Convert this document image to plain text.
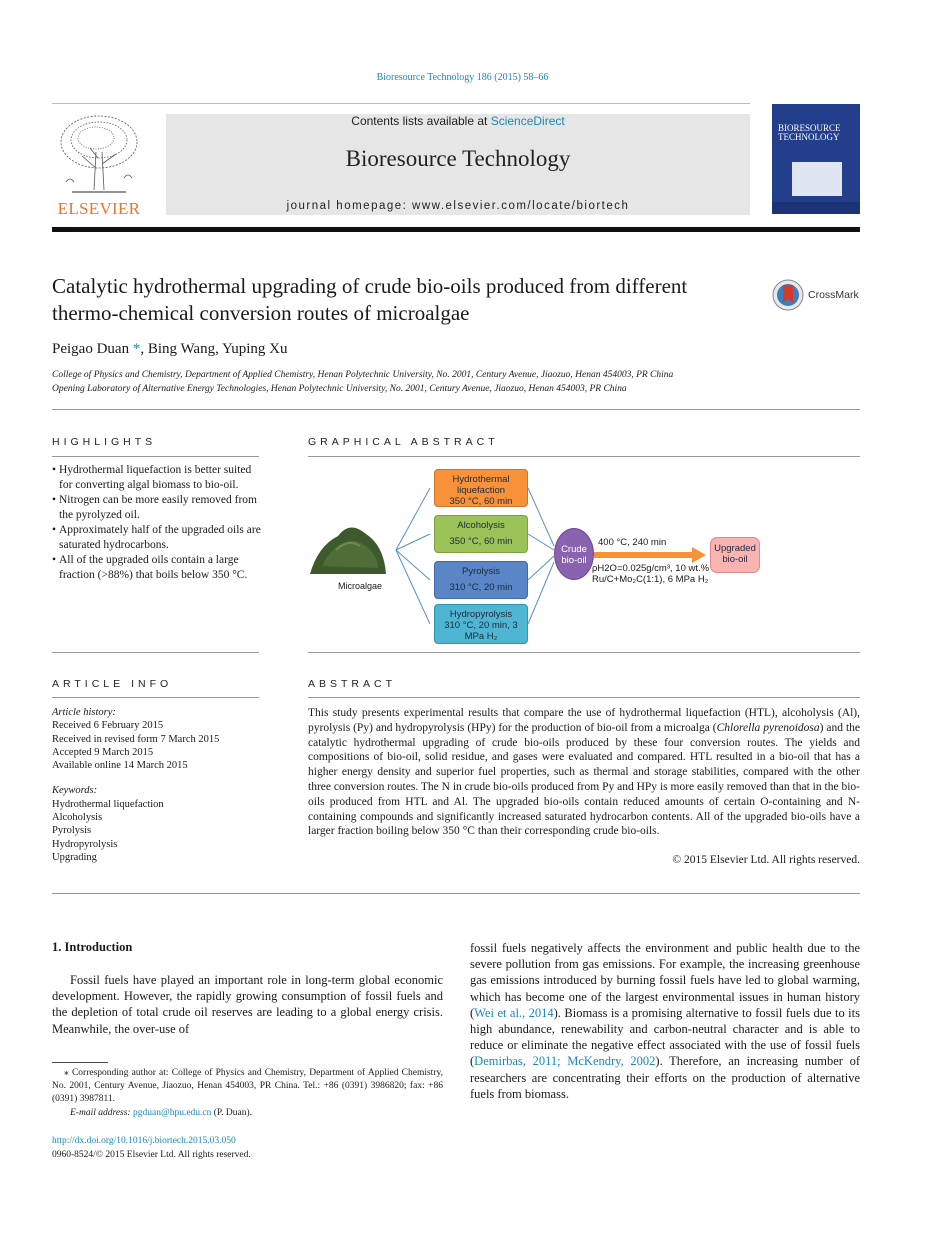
Bioresource Technology 186 (2015) 58–66
ELSEVIER
Contents lists available at ScienceDirect
Bioresource Technology
journal homepage: www.elsevier.com/locate/biortech
BIORESOURCE TECHNOLOGY
Catalytic hydrothermal upgrading of crude bio-oils produced from different thermo-chemical conversion routes of microalgae
CrossMark
Peigao Duan *, Bing Wang, Yuping Xu
College of Physics and Chemistry, Department of Applied Chemistry, Henan Polytechnic University, No. 2001, Century Avenue, Jiaozuo, Henan 454003, PR China
Opening Laboratory of Alternative Energy Technologies, Henan Polytechnic University, No. 2001, Century Avenue, Jiaozuo, Henan 454003, PR China
HIGHLIGHTS
• Hydrothermal liquefaction is better suited for converting algal biomass to bio-oil.
• Nitrogen can be more easily removed from the pyrolyzed oil.
• Approximately half of the upgraded oils are saturated hydrocarbons.
• All of the upgraded oils contain a large fraction (>88%) that boils below 350 °C.
GRAPHICAL ABSTRACT
Microalgae
Hydrothermal
liquefaction
350 °C, 60 min
Alcoholysis
350 °C, 60 min
Pyrolysis
310 °C, 20 min
Hydropyrolysis
310 °C, 20 min, 3
MPa H₂
Crude
bio-oil
400 °C, 240 min
ρH2O=0.025g/cm³, 10 wt.%
Ru/C+Mo₂C(1:1), 6 MPa H₂
Upgraded
bio-oil
ARTICLE INFO
Article history:
Received 6 February 2015
Received in revised form 7 March 2015
Accepted 9 March 2015
Available online 14 March 2015
Keywords:
Hydrothermal liquefaction
Alcoholysis
Pyrolysis
Hydropyrolysis
Upgrading
ABSTRACT
This study presents experimental results that compare the use of hydrothermal liquefaction (HTL), alcoholysis (Al), pyrolysis (Py) and hydropyrolysis (HPy) for the production of bio-oil from a microalga (Chlorella pyrenoidosa) and the catalytic hydrothermal upgrading of crude bio-oils produced by these four conversion routes. The yields and compositions of bio-oil, solid residue, and gases were evaluated and compared. HTL resulted in a bio-oil that has a higher energy density and superior fuel properties, such as thermal and storage stabilities, compared with the other three conversion routes. The N in crude bio-oils produced from Py and HPy is more easily removed than that in the bio-oils produced from HTL and Al. The upgraded bio-oils contain reduced amounts of certain O-containing and N-containing compounds and significantly increased saturated hydrocarbon contents. All of the upgraded bio-oils have a larger fraction boiling below 350 °C than their corresponding crude bio-oils.
© 2015 Elsevier Ltd. All rights reserved.
1. Introduction
Fossil fuels have played an important role in long-term global economic development. However, the rapidly growing consumption of fossil fuels and the depletion of total crude oil reserves are leading to a global energy crisis. Meanwhile, the over-use of
fossil fuels negatively affects the environment and public health due to the severe pollution from gas emissions. For example, the increasing greenhouse gas emissions introduced by burning fossil fuels have led to global warming, which has become one of the largest environmental issues in human history (Wei et al., 2014). Biomass is a promising alternative to fossil fuels due to its high abundance, renewability and carbon-neutral character and is able to reduce or eliminate the negative effect associated with the use of fossil fuels (Demirbas, 2011; McKendry, 2002). Therefore, an increasing number of researchers are concentrating their efforts on the production of alternative fuels from biomass.
⁎ Corresponding author at: College of Physics and Chemistry, Department of Applied Chemistry, No. 2001, Century Avenue, Jiaozuo, Henan 454003, PR China. Tel.: +86 (0391) 3986820; fax: +86 (0391) 3987811.
E-mail address: pgduan@hpu.edu.cn (P. Duan).
http://dx.doi.org/10.1016/j.biortech.2015.03.050
0960-8524/© 2015 Elsevier Ltd. All rights reserved.
